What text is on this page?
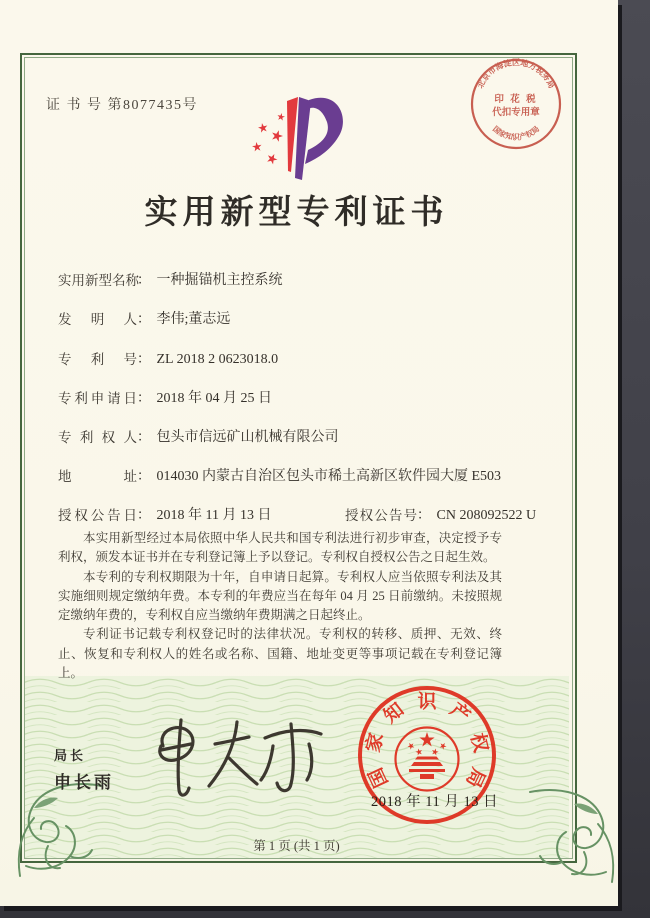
证 书 号 第8077435号
北京市海淀区地方税务局
国家知识产权局
印 花 税
代扣专用章
实用新型专利证书
实用新型名称： 一种掘锚机主控系统
发明人： 李伟;董志远
专利号： ZL 2018 2 0623018.0
专利申请日： 2018 年 04 月 25 日
专利权人： 包头市信远矿山机械有限公司
地址： 014030 内蒙古自治区包头市稀土高新区软件园大厦 E503
授权公告日： 2018 年 11 月 13 日	授权公告号： CN 208092522 U

本实用新型经过本局依照中华人民共和国专利法进行初步审查，决定授予专利权，颁发本证书并在专利登记簿上予以登记。专利权自授权公告之日起生效。

本专利的专利权期限为十年，自申请日起算。专利权人应当依照专利法及其实施细则规定缴纳年费。本专利的年费应当在每年 04 月 25 日前缴纳。未按照规定缴纳年费的，专利权自应当缴纳年费期满之日起终止。

专利证书记载专利权登记时的法律状况。专利权的转移、质押、无效、终止、恢复和专利权人的姓名或名称、国籍、地址变更等事项记载在专利登记簿上。

局长
申长雨	国
家
知 识 产
权
局
2018 年 11 月 13 日
第 1 页 (共 1 页)
